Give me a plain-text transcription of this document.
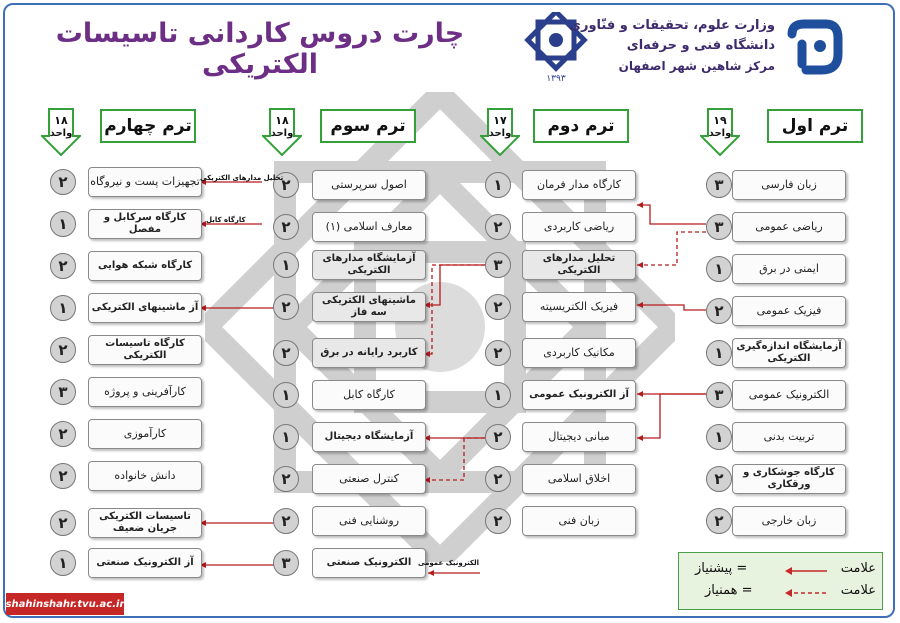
۱۳۹۳
چارت دروس کاردانی تاسیسات الکتریکی
وزارت علوم، تحقیقات و فنّاوری
دانشگاه فنی و حرفه‌ای
مرکز شاهین شهر اصفهان
ترم اول
ترم دوم
ترم سوم
ترم چهارم	۱۹
واحد
۱۷
واحد
۱۸
واحد
۱۸
واحد
زبان فارسی
۳
ریاضی عمومی
۳
ایمنی در برق
۱
فیزیک عمومی
۲
آزمایشگاه اندازه‌گیری الکتریکی
۱
الکترونیک عمومی
۳
تربیت بدنی
۱
کارگاه جوشکاری و ورقکاری
۲
زبان خارجی
۲
کارگاه مدار فرمان
۱
ریاضی کاربردی
۲
تحلیل مدارهای الکتریکی
۳
فیزیک الکتریسیته
۲
مکانیک کاربردی
۲
آز الکترونیک عمومی
۱
مبانی دیجیتال
۲
اخلاق اسلامی
۲
زبان فنی
۲
اصول سرپرستی
۲
معارف اسلامی (۱)
۲
آزمایشگاه مدارهای الکتریکی
۱
ماشینهای الکتریکی سه فاز
۲
کاربرد رایانه در برق
۲
کارگاه کابل
۱
آزمایشگاه دیجیتال
۱
کنترل صنعتی
۲
روشنایی فنی
۲
الکترونیک صنعتی
۳
تجهیزات پست و نیروگاه
۲
کارگاه سرکابل و مفصل
۱
کارگاه شبکه هوایی
۲
آز ماشینهای الکتریکی
۱
کارگاه تاسیسات الکتریکی
۲
کارآفرینی و پروژه
۳
کارآموزی
۲
دانش خانواده
۲
تاسیسات الکتریکی جریان ضعیف
۲
آز الکترونیک صنعتی
۱
تحلیل مدارهای الکتریکی
کارگاه کابل
الکترونیک عمومی	علامت
= پیشنیاز
علامت
= همنیاز
shahinshahr.tvu.ac.ir
